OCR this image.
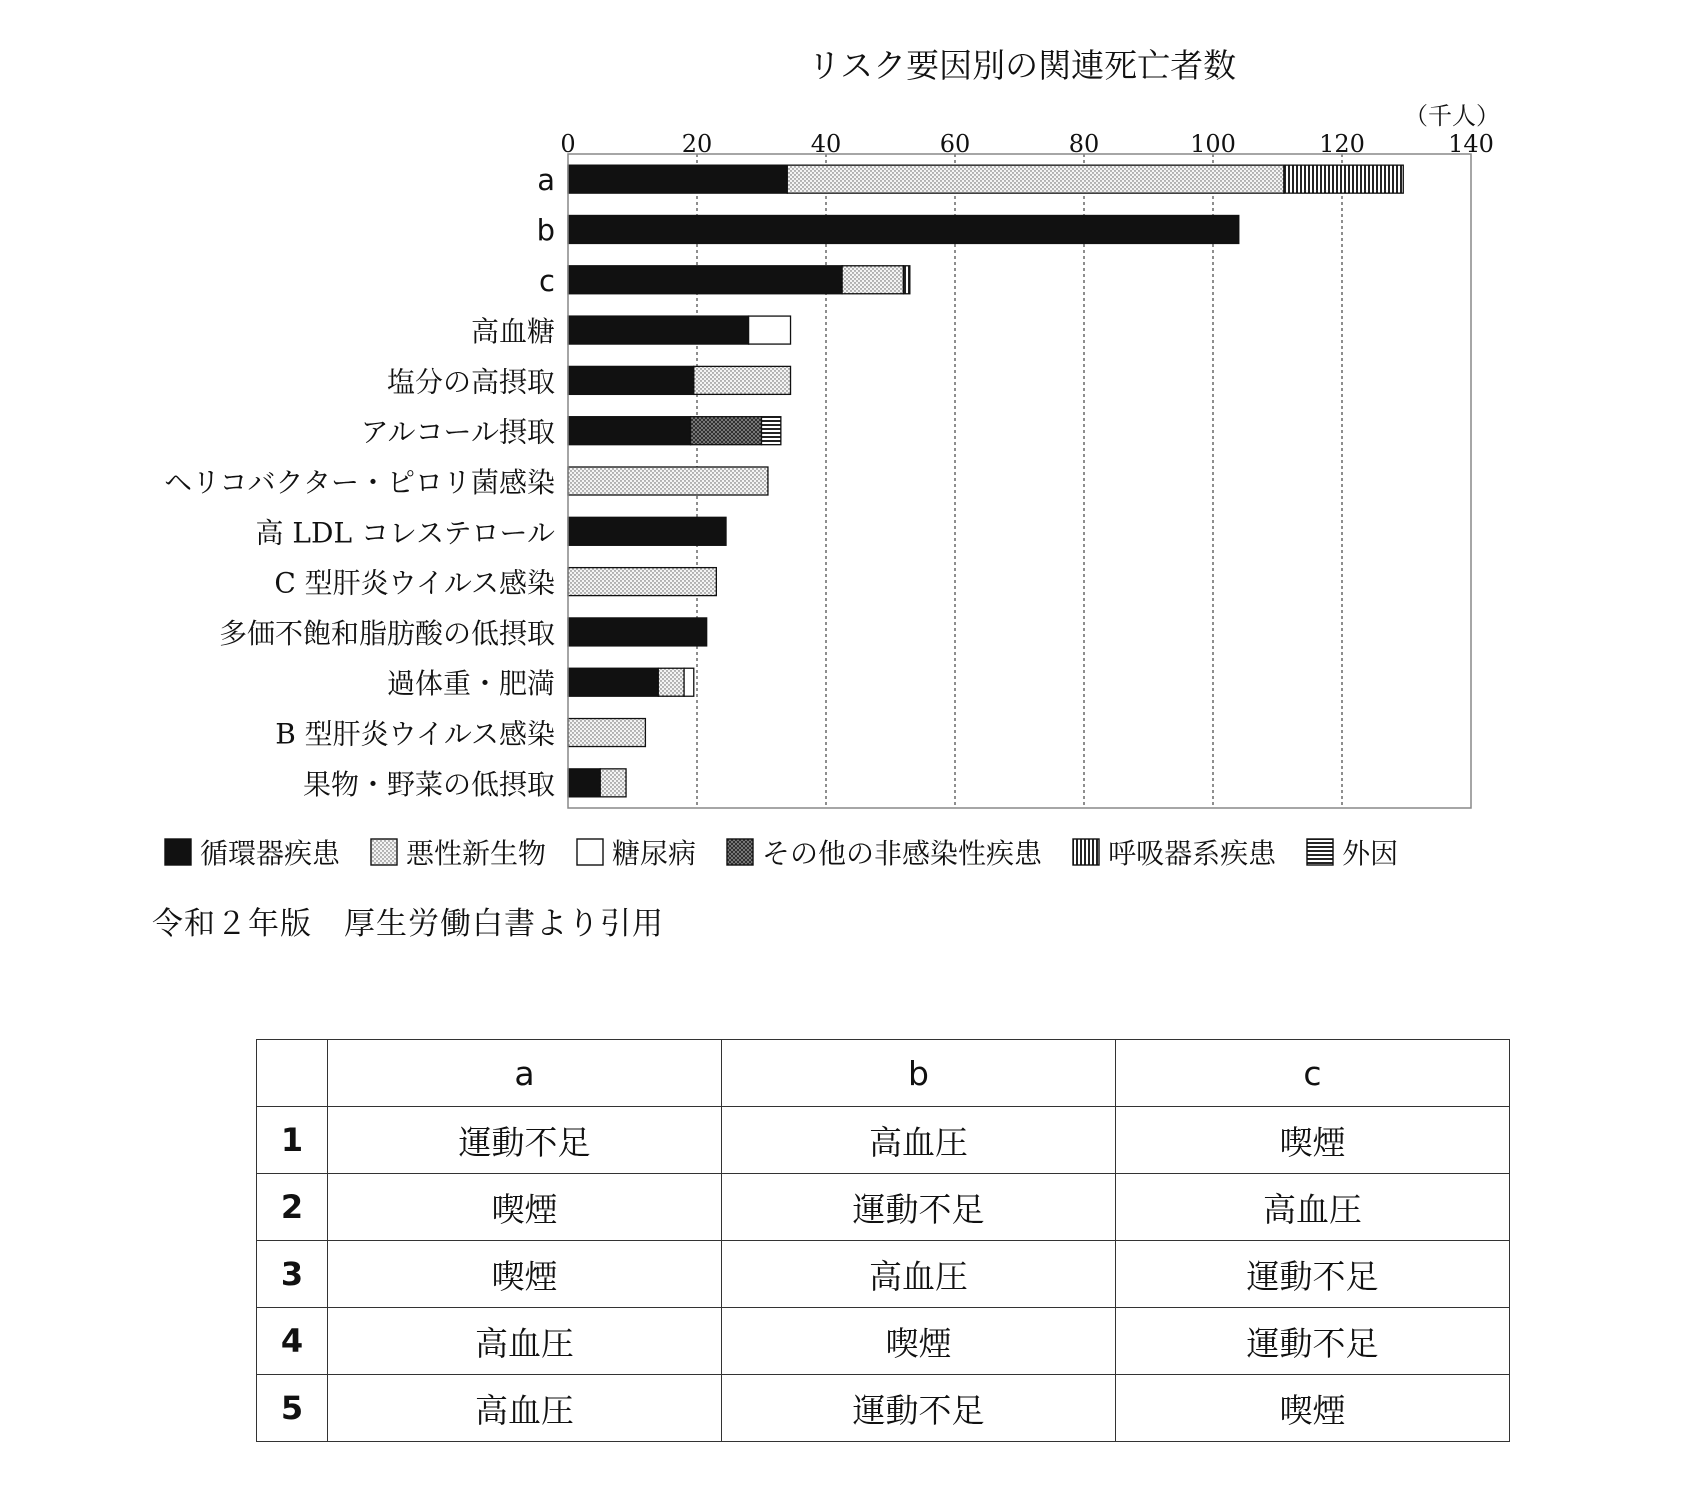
リスク要因別の関連死亡者数
（千人）
0	20	40	60	80	100	120	140
a
b
c
高血糖
塩分の高摂取
アルコール摂取
ヘリコバクター・ピロリ菌感染
高 LDL コレステロール
C 型肝炎ウイルス感染
多価不飽和脂肪酸の低摂取
過体重・肥満
B 型肝炎ウイルス感染
果物・野菜の低摂取
循環器疾患 悪性新生物 糖尿病 その他の非感染性疾患 呼吸器系疾患 外因
令和２年版　厚生労働白書より引用
	a	b	c
1	運動不足	高血圧	喫煙
2	喫煙	運動不足	高血圧
3	喫煙	高血圧	運動不足
4	高血圧	喫煙	運動不足
5	高血圧	運動不足	喫煙
